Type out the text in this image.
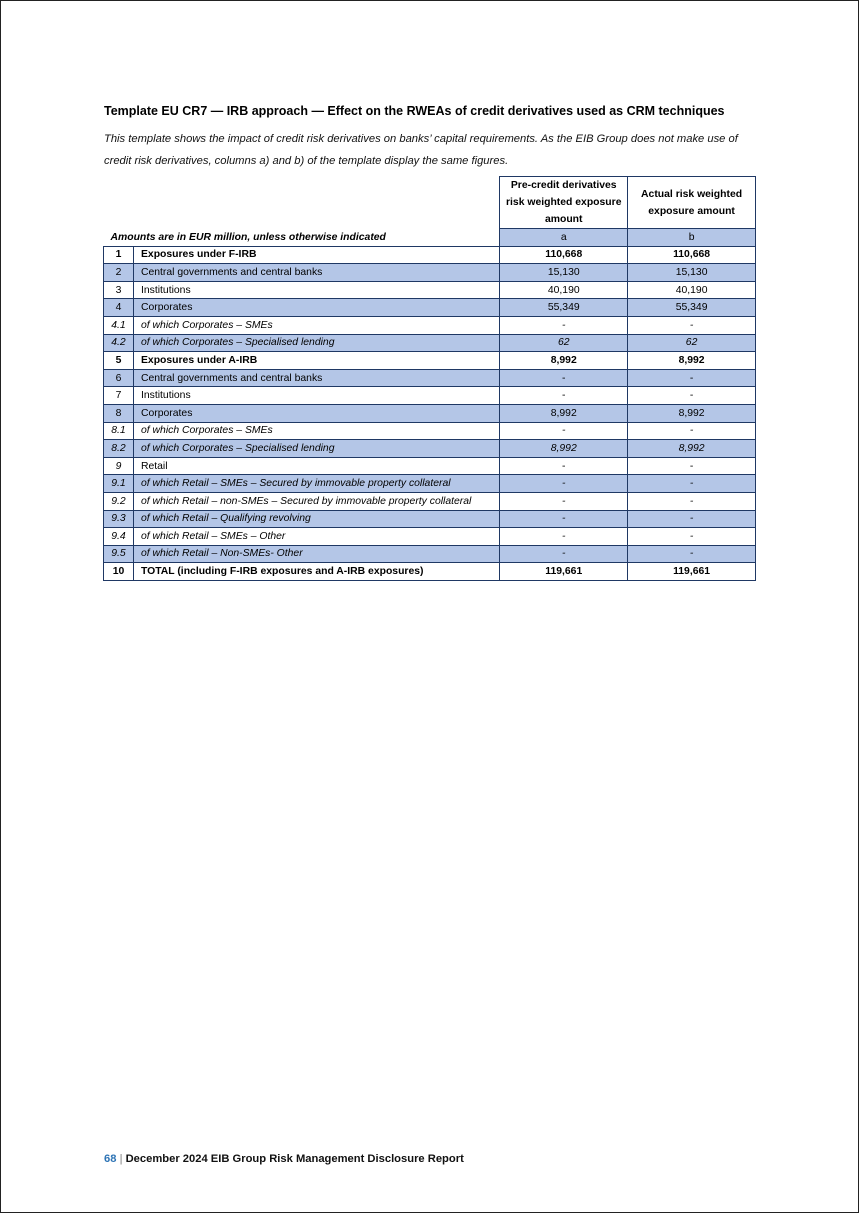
Template EU CR7 — IRB approach — Effect on the RWEAs of credit derivatives used as CRM techniques
This template shows the impact of credit risk derivatives on banks’ capital requirements. As the EIB Group does not make use of credit risk derivatives, columns a) and b) of the template display the same figures.
		Pre-credit derivatives risk weighted exposure amount	Actual risk weighted exposure amount
Amounts are in EUR million, unless otherwise indicated		a	b
1	Exposures under F-IRB	110,668	110,668
2	Central governments and central banks	15,130	15,130
3	Institutions	40,190	40,190
4	Corporates	55,349	55,349
4.1	of which Corporates – SMEs	-	-
4.2	of which Corporates – Specialised lending	62	62
5	Exposures under A-IRB	8,992	8,992
6	Central governments and central banks	-	-
7	Institutions	-	-
8	Corporates	8,992	8,992
8.1	of which Corporates – SMEs	-	-
8.2	of which Corporates – Specialised lending	8,992	8,992
9	Retail	-	-
9.1	of which Retail – SMEs – Secured by immovable property collateral	-	-
9.2	of which Retail – non-SMEs – Secured by immovable property collateral	-	-
9.3	of which Retail – Qualifying revolving	-	-
9.4	of which Retail – SMEs – Other	-	-
9.5	of which Retail – Non-SMEs- Other	-	-
10	TOTAL (including F-IRB exposures and A-IRB exposures)	119,661	119,661
68 | December 2024 EIB Group Risk Management Disclosure Report
